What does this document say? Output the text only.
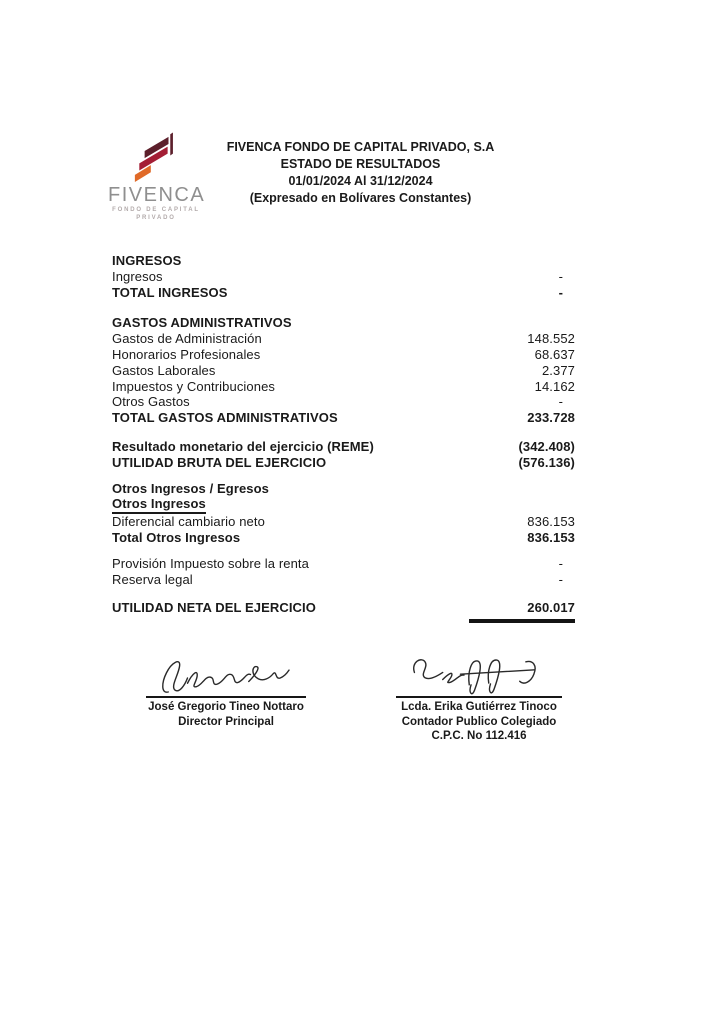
FIVENCA
FONDO DE CAPITAL
PRIVADO
FIVENCA FONDO DE CAPITAL PRIVADO, S.A
ESTADO DE RESULTADOS
01/01/2024 Al 31/12/2024
(Expresado en Bolívares Constantes)
INGRESOS
Ingresos	-
TOTAL INGRESOS	-
GASTOS ADMINISTRATIVOS
Gastos de Administración	148.552
Honorarios Profesionales	68.637
Gastos Laborales	2.377
Impuestos y Contribuciones	14.162
Otros Gastos	-
TOTAL GASTOS ADMINISTRATIVOS	233.728
Resultado monetario del ejercicio (REME)	(342.408)
UTILIDAD BRUTA DEL EJERCICIO	(576.136)
Otros Ingresos / Egresos
Otros Ingresos
Diferencial cambiario neto	836.153
Total Otros Ingresos	836.153
Provisión Impuesto sobre la renta	-
Reserva legal	-
UTILIDAD NETA DEL EJERCICIO	260.017
José Gregorio Tineo Nottaro
Director Principal
Lcda. Erika Gutiérrez Tinoco
Contador Publico Colegiado
C.P.C. No 112.416
